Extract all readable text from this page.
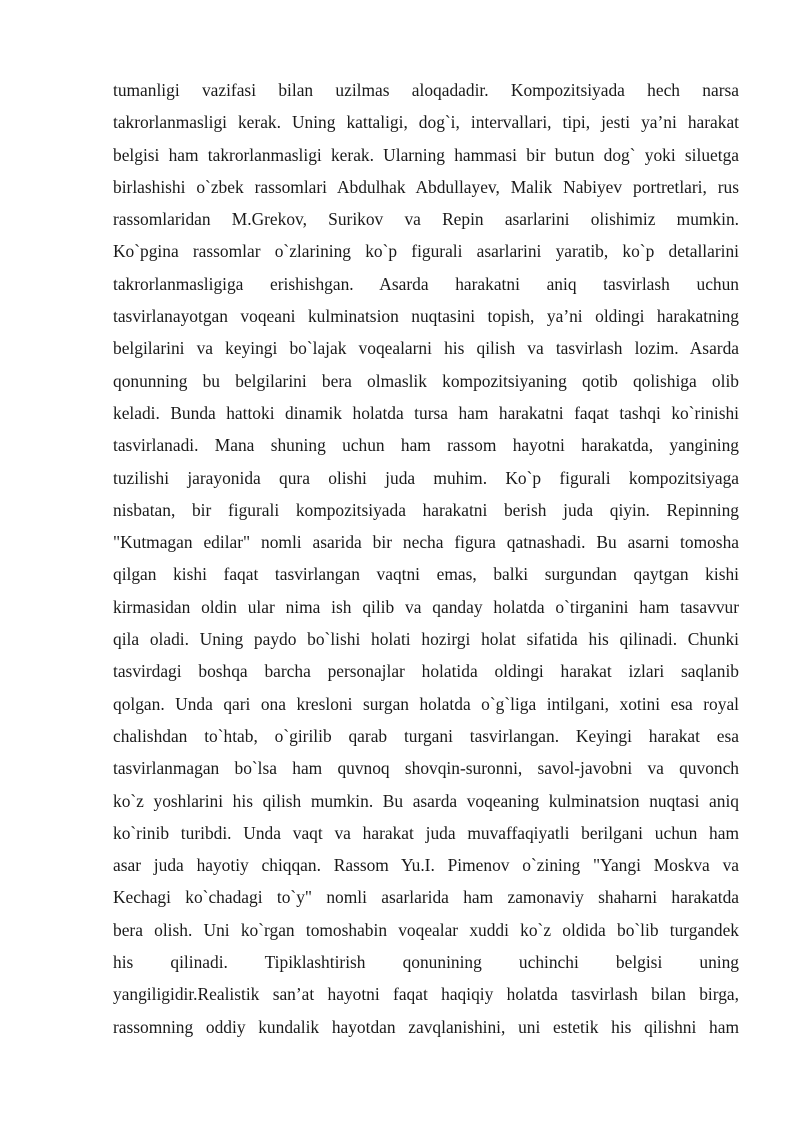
tumanligi vazifasi bilan uzilmas aloqadadir. Kompozitsiyada hech narsa
takrorlanmasligi kerak. Uning kattaligi, dog`i, intervallari, tipi, jesti ya’ni harakat
belgisi ham takrorlanmasligi kerak. Ularning hammasi bir butun dog` yoki siluetga
birlashishi o`zbek rassomlari Abdulhak Abdullayev, Malik Nabiyev portretlari, rus
rassomlaridan M.Grekov, Surikov va Repin asarlarini olishimiz mumkin.
Ko`pgina rassomlar o`zlarining ko`p figurali asarlarini yaratib, ko`p detallarini
takrorlanmasligiga erishishgan. Asarda harakatni aniq tasvirlash uchun
tasvirlanayotgan voqeani kulminatsion nuqtasini topish, ya’ni oldingi harakatning
belgilarini va keyingi bo`lajak voqealarni his qilish va tasvirlash lozim. Asarda
qonunning bu belgilarini bera olmaslik kompozitsiyaning qotib qolishiga olib
keladi. Bunda hattoki dinamik holatda tursa ham harakatni faqat tashqi ko`rinishi
tasvirlanadi. Mana shuning uchun ham rassom hayotni harakatda, yangining
tuzilishi jarayonida qura olishi juda muhim. Ko`p figurali kompozitsiyaga
nisbatan, bir figurali kompozitsiyada harakatni berish juda qiyin. Repinning
"Kutmagan edilar" nomli asarida bir necha figura qatnashadi. Bu asarni tomosha
qilgan kishi faqat tasvirlangan vaqtni emas, balki surgundan qaytgan kishi
kirmasidan oldin ular nima ish qilib va qanday holatda o`tirganini ham tasavvur
qila oladi. Uning paydo bo`lishi holati hozirgi holat sifatida his qilinadi. Chunki
tasvirdagi boshqa barcha personajlar holatida oldingi harakat izlari saqlanib
qolgan. Unda qari ona kresloni surgan holatda o`g`liga intilgani, xotini esa royal
chalishdan to`htab, o`girilib qarab turgani tasvirlangan. Keyingi harakat esa
tasvirlanmagan bo`lsa ham quvnoq shovqin-suronni, savol-javobni va quvonch
ko`z yoshlarini his qilish mumkin. Bu asarda voqeaning kulminatsion nuqtasi aniq
ko`rinib turibdi. Unda vaqt va harakat juda muvaffaqiyatli berilgani uchun ham
asar juda hayotiy chiqqan. Rassom Yu.I. Pimenov o`zining "Yangi Moskva va
Kechagi ko`chadagi to`y" nomli asarlarida ham zamonaviy shaharni harakatda
bera olish. Uni ko`rgan tomoshabin voqealar xuddi ko`z oldida bo`lib turgandek
his qilinadi. Tipiklashtirish qonunining uchinchi belgisi uning
yangiligidir.Realistik san’at hayotni faqat haqiqiy holatda tasvirlash bilan birga,
rassomning oddiy kundalik hayotdan zavqlanishini, uni estetik his qilishni ham
